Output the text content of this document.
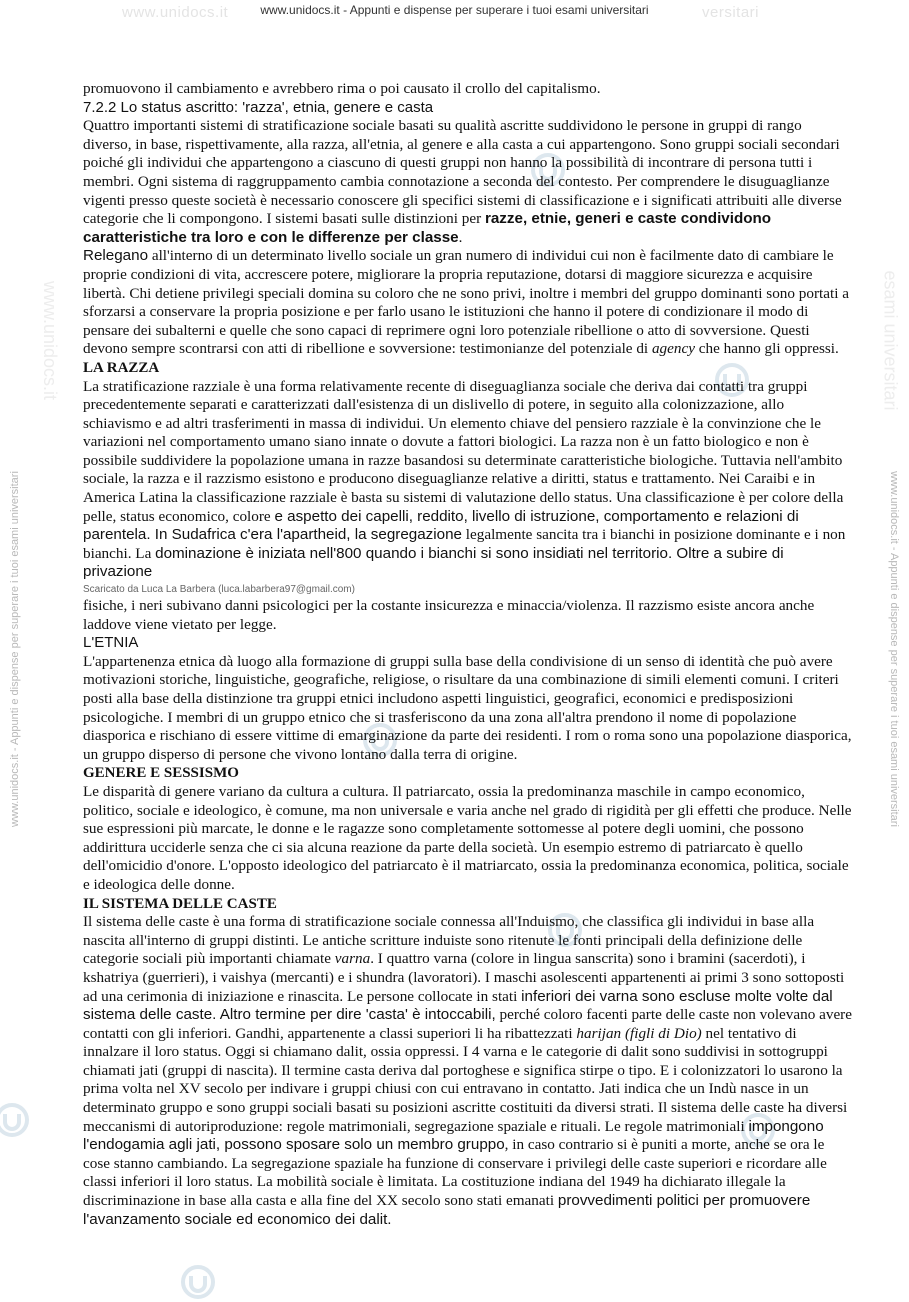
www.unidocs.it	versitari
www.unidocs.it - Appunti e dispense per superare i tuoi esami universitari
www.unidocs.it - Appunti e dispense per superare i tuoi esami universitari	www.unidocs.it - Appunti e dispense per superare i tuoi esami universitari
www.unidocs.it	esami universitari

promuovono il cambiamento e avrebbero rima o poi causato il crollo del capitalismo.

7.2.2 Lo status ascritto: 'razza', etnia, genere e casta

Quattro importanti sistemi di stratificazione sociale basati su qualità ascritte suddividono le persone in gruppi di rango diverso, in base, rispettivamente, alla razza, all'etnia, al genere e alla casta a cui appartengono. Sono gruppi sociali secondari poiché gli individui che appartengono a ciascuno di questi gruppi non hanno la possibilità di incontrare di persona tutti i membri. Ogni sistema di raggruppamento cambia connotazione a seconda del contesto. Per comprendere le disuguaglianze vigenti presso queste società è necessario conoscere gli specifici sistemi di classificazione e i significati attribuiti alle diverse categorie che li compongono. I sistemi basati sulle distinzioni per razze, etnie, generi e caste condividono caratteristiche tra loro e con le differenze per classe.

Relegano all'interno di un determinato livello sociale un gran numero di individui cui non è facilmente dato di cambiare le proprie condizioni di vita, accrescere potere, migliorare la propria reputazione, dotarsi di maggiore sicurezza e acquisire libertà. Chi detiene privilegi speciali domina su coloro che ne sono privi, inoltre i membri del gruppo dominanti sono portati a sforzarsi a conservare la propria posizione e per farlo usano le istituzioni che hanno il potere di condizionare il modo di pensare dei subalterni e quelle che sono capaci di reprimere ogni loro potenziale ribellione o atto di sovversione. Questi devono sempre scontrarsi con atti di ribellione e sovversione: testimonianze del potenziale di agency che hanno gli oppressi.

LA RAZZA

La stratificazione razziale è una forma relativamente recente di diseguaglianza sociale che deriva dai contatti tra gruppi precedentemente separati e caratterizzati dall'esistenza di un dislivello di potere, in seguito alla colonizzazione, allo schiavismo e ad altri trasferimenti in massa di individui. Un elemento chiave del pensiero razziale è la convinzione che le variazioni nel comportamento umano siano innate o dovute a fattori biologici. La razza non è un fatto biologico e non è possibile suddividere la popolazione umana in razze basandosi su determinate caratteristiche biologiche. Tuttavia nell'ambito sociale, la razza e il razzismo esistono e producono diseguaglianze relative a diritti, status e trattamento. Nei Caraibi e in America Latina la classificazione razziale è basta su sistemi di valutazione dello status. Una classificazione è per colore della pelle, status economico, colore e aspetto dei capelli, reddito, livello di istruzione, comportamento e relazioni di parentela. In Sudafrica c'era l'apartheid, la segregazione legalmente sancita tra i bianchi in posizione dominante e i non bianchi. La dominazione è iniziata nell'800 quando i bianchi si sono insidiati nel territorio. Oltre a subire di privazione

Scaricato da Luca La Barbera (luca.labarbera97@gmail.com)

fisiche, i neri subivano danni psicologici per la costante insicurezza e minaccia/violenza. Il razzismo esiste ancora anche laddove viene vietato per legge.

L'ETNIA

L'appartenenza etnica dà luogo alla formazione di gruppi sulla base della condivisione di un senso di identità che può avere motivazioni storiche, linguistiche, geografiche, religiose, o risultare da una combinazione di simili elementi comuni. I criteri posti alla base della distinzione tra gruppi etnici includono aspetti linguistici, geografici, economici e predisposizioni psicologiche. I membri di un gruppo etnico che si trasferiscono da una zona all'altra prendono il nome di popolazione diasporica e rischiano di essere vittime di emarginazione da parte dei residenti. I rom o roma sono una popolazione diasporica, un gruppo disperso di persone che vivono lontano dalla terra di origine.

GENERE E SESSISMO

Le disparità di genere variano da cultura a cultura. Il patriarcato, ossia la predominanza maschile in campo economico, politico, sociale e ideologico, è comune, ma non universale e varia anche nel grado di rigidità per gli effetti che produce. Nelle sue espressioni più marcate, le donne e le ragazze sono completamente sottomesse al potere degli uomini, che possono addirittura ucciderle senza che ci sia alcuna reazione da parte della società. Un esempio estremo di patriarcato è quello dell'omicidio d'onore. L'opposto ideologico del patriarcato è il matriarcato, ossia la predominanza economica, politica, sociale e ideologica delle donne.

IL SISTEMA DELLE CASTE

Il sistema delle caste è una forma di stratificazione sociale connessa all'Induismo, che classifica gli individui in base alla nascita all'interno di gruppi distinti. Le antiche scritture induiste sono ritenute le fonti principali della definizione delle categorie sociali più importanti chiamate varna. I quattro varna (colore in lingua sanscrita) sono i bramini (sacerdoti), i kshatriya (guerrieri), i vaishya (mercanti) e i shundra (lavoratori). I maschi asolescenti appartenenti ai primi 3 sono sottoposti ad una cerimonia di iniziazione e rinascita. Le persone collocate in stati inferiori dei varna sono escluse molte volte dal sistema delle caste. Altro termine per dire 'casta' è intoccabili, perché coloro facenti parte delle caste non volevano avere contatti con gli inferiori. Gandhi, appartenente a classi superiori li ha ribattezzati harijan (figli di Dio) nel tentativo di innalzare il loro status. Oggi si chiamano dalit, ossia oppressi. I 4 varna e le categorie di dalit sono suddivisi in sottogruppi chiamati jati (gruppi di nascita). Il termine casta deriva dal portoghese e significa stirpe o tipo. E i colonizzatori lo usarono la prima volta nel XV secolo per indivare i gruppi chiusi con cui entravano in contatto. Jati indica che un Indù nasce in un determinato gruppo e sono gruppi sociali basati su posizioni ascritte costituiti da diversi strati. Il sistema delle caste ha diversi meccanismi di autoriproduzione: regole matrimoniali, segregazione spaziale e rituali. Le regole matrimoniali impongono l'endogamia agli jati, possono sposare solo un membro gruppo, in caso contrario si è puniti a morte, anche se ora le cose stanno cambiando. La segregazione spaziale ha funzione di conservare i privilegi delle caste superiori e ricordare alle classi inferiori il loro status. La mobilità sociale è limitata. La costituzione indiana del 1949 ha dichiarato illegale la discriminazione in base alla casta e alla fine del XX secolo sono stati emanati provvedimenti politici per promuovere l'avanzamento sociale ed economico dei dalit.
